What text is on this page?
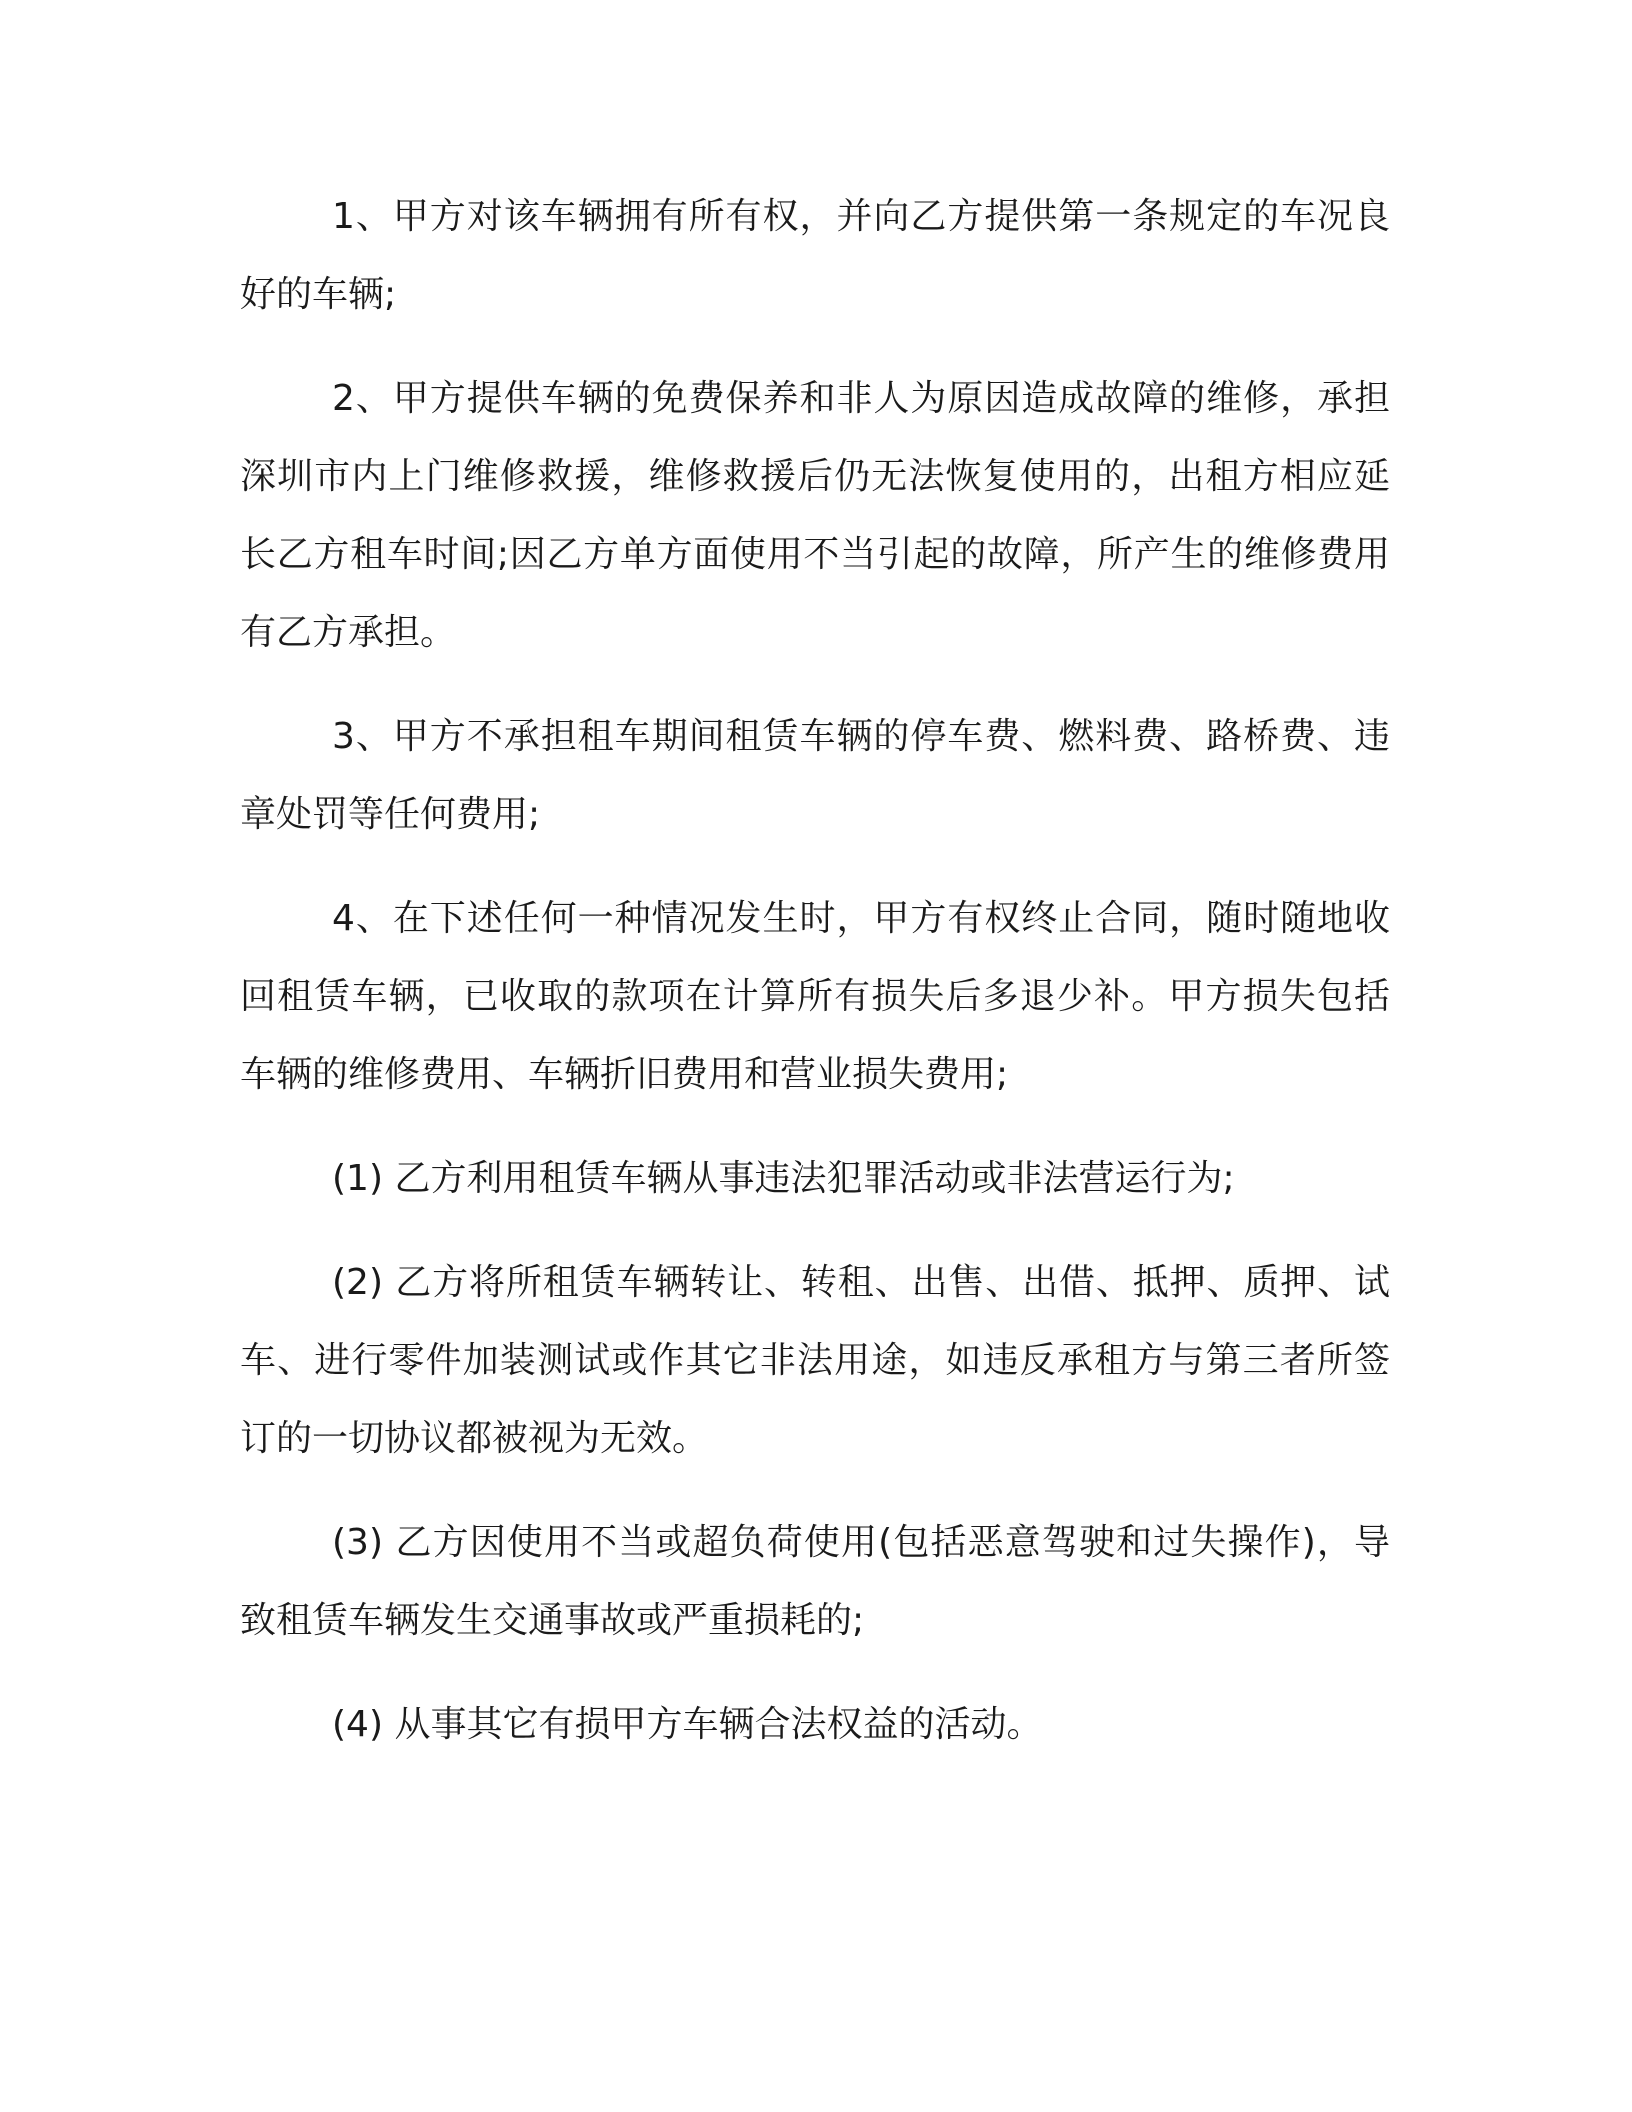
1、甲方对该车辆拥有所有权，并向乙方提供第一条规定的车况良好的车辆;

2、甲方提供车辆的免费保养和非人为原因造成故障的维修，承担深圳市内上门维修救援，维修救援后仍无法恢复使用的，出租方相应延长乙方租车时间;因乙方单方面使用不当引起的故障，所产生的维修费用有乙方承担。

3、甲方不承担租车期间租赁车辆的停车费、燃料费、路桥费、违章处罚等任何费用;

4、在下述任何一种情况发生时，甲方有权终止合同，随时随地收回租赁车辆，已收取的款项在计算所有损失后多退少补。甲方损失包括车辆的维修费用、车辆折旧费用和营业损失费用;

(1) 乙方利用租赁车辆从事违法犯罪活动或非法营运行为;

(2) 乙方将所租赁车辆转让、转租、出售、出借、抵押、质押、试车、进行零件加装测试或作其它非法用途，如违反承租方与第三者所签订的一切协议都被视为无效。

(3) 乙方因使用不当或超负荷使用(包括恶意驾驶和过失操作)，导致租赁车辆发生交通事故或严重损耗的;

(4) 从事其它有损甲方车辆合法权益的活动。
